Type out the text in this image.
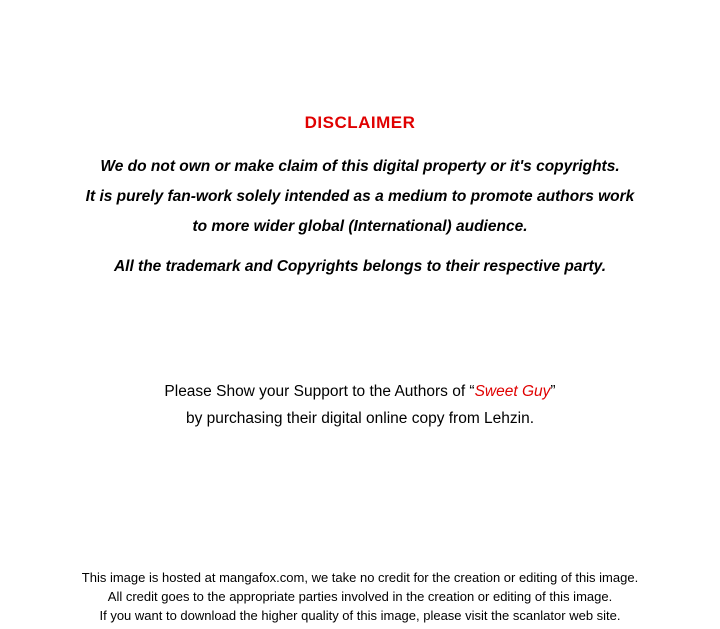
DISCLAIMER
We do not own or make claim of this digital property or it's copyrights.
It is purely fan-work solely intended as a medium to promote authors work
to more wider global (International) audience.
All the trademark and Copyrights belongs to their respective party.
Please Show your Support to the Authors of “Sweet Guy”
by purchasing their digital online copy from Lehzin.
This image is hosted at mangafox.com, we take no credit for the creation or editing of this image.
All credit goes to the appropriate parties involved in the creation or editing of this image.
If you want to download the higher quality of this image, please visit the scanlator web site.
